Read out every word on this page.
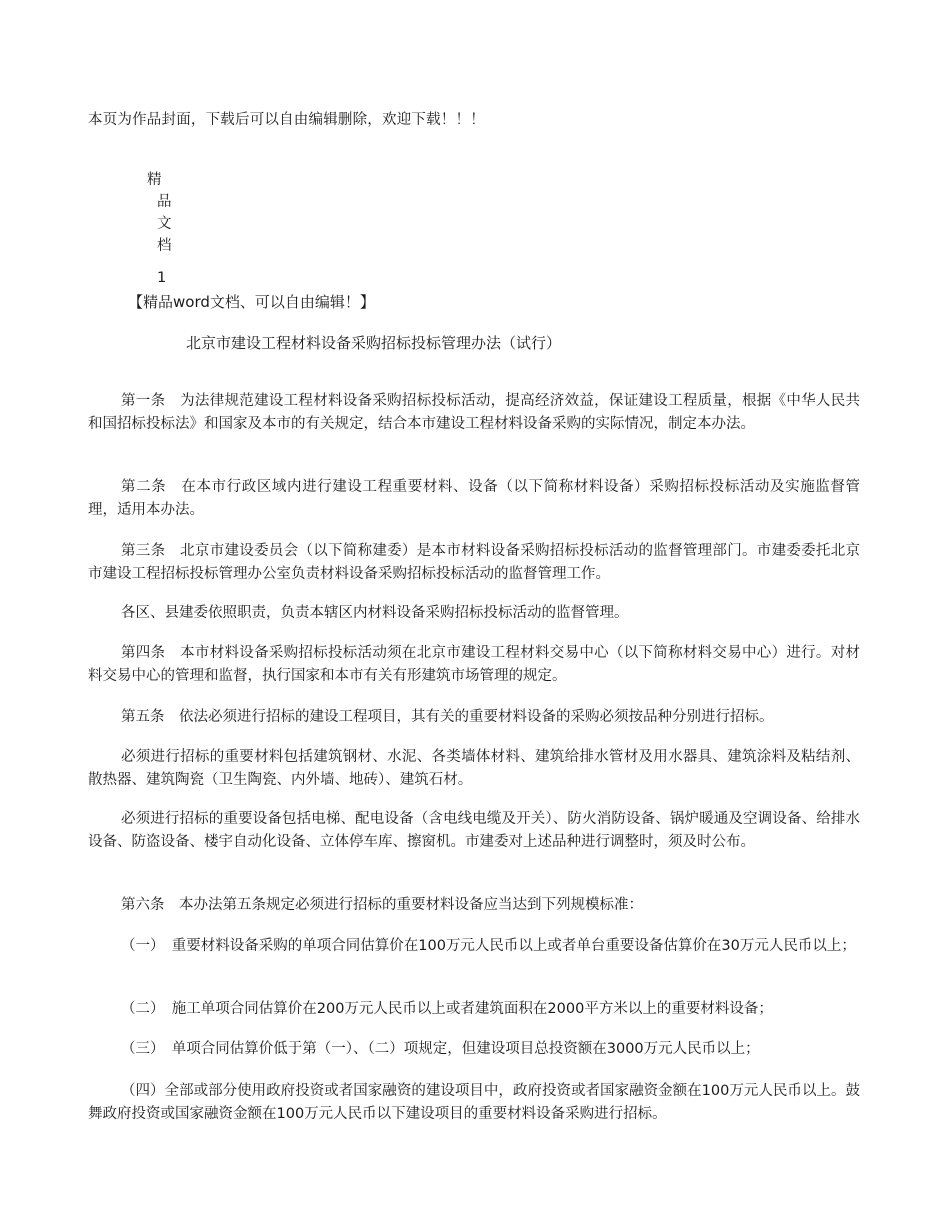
本页为作品封面，下载后可以自由编辑删除，欢迎下载！！！
精
品
文
档
1
【精品word文档、可以自由编辑！】
北京市建设工程材料设备采购招标投标管理办法（试行）

第一条　为法律规范建设工程材料设备采购招标投标活动，提高经济效益，保证建设工程质量，根据《中华人民共和国招标投标法》和国家及本市的有关规定，结合本市建设工程材料设备采购的实际情况，制定本办法。

第二条　在本市行政区域内进行建设工程重要材料、设备（以下简称材料设备）采购招标投标活动及实施监督管理，适用本办法。

第三条　北京市建设委员会（以下简称建委）是本市材料设备采购招标投标活动的监督管理部门。市建委委托北京市建设工程招标投标管理办公室负责材料设备采购招标投标活动的监督管理工作。

各区、县建委依照职责，负责本辖区内材料设备采购招标投标活动的监督管理。

第四条　本市材料设备采购招标投标活动须在北京市建设工程材料交易中心（以下简称材料交易中心）进行。对材料交易中心的管理和监督，执行国家和本市有关有形建筑市场管理的规定。

第五条　依法必须进行招标的建设工程项目，其有关的重要材料设备的采购必须按品种分别进行招标。

必须进行招标的重要材料包括建筑钢材、水泥、各类墙体材料、建筑给排水管材及用水器具、建筑涂料及粘结剂、散热器、建筑陶瓷（卫生陶瓷、内外墙、地砖）、建筑石材。

必须进行招标的重要设备包括电梯、配电设备（含电线电缆及开关）、防火消防设备、锅炉暖通及空调设备、给排水设备、防盗设备、楼宇自动化设备、立体停车库、擦窗机。市建委对上述品种进行调整时，须及时公布。

第六条　本办法第五条规定必须进行招标的重要材料设备应当达到下列规模标准：

（一）　重要材料设备采购的单项合同估算价在100万元人民币以上或者单台重要设备估算价在30万元人民币以上；

（二）　施工单项合同估算价在200万元人民币以上或者建筑面积在2000平方米以上的重要材料设备；

（三）　单项合同估算价低于第（一）、（二）项规定，但建设项目总投资额在3000万元人民币以上；

（四）全部或部分使用政府投资或者国家融资的建设项目中，政府投资或者国家融资金额在100万元人民币以上。鼓舞政府投资或国家融资金额在100万元人民币以下建设项目的重要材料设备采购进行招标。
